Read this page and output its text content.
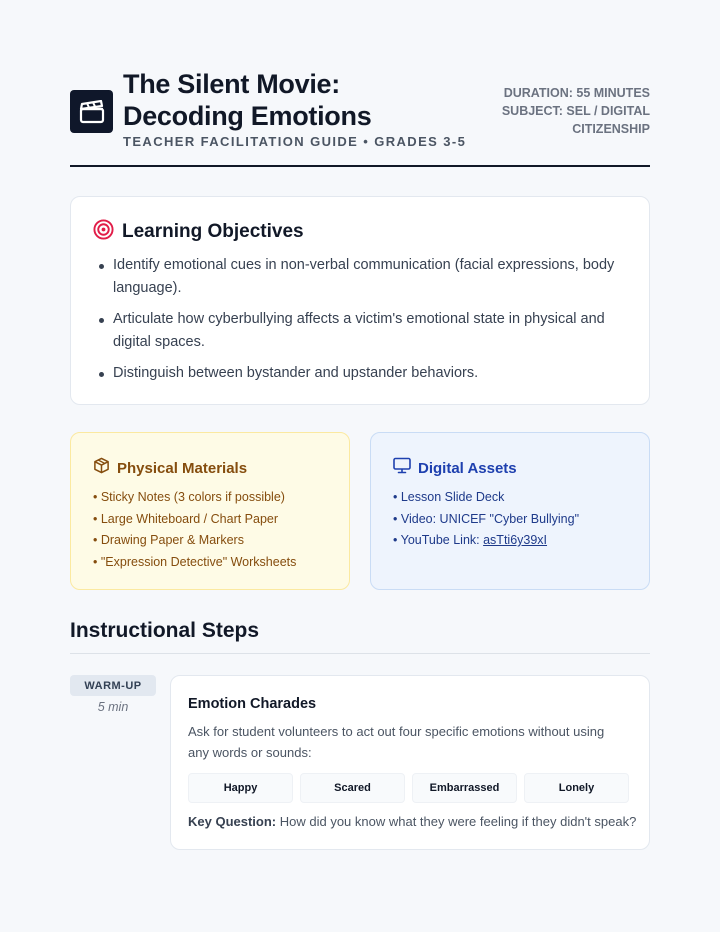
The Silent Movie: Decoding Emotions
TEACHER FACILITATION GUIDE • GRADES 3-5
DURATION: 55 MINUTES
SUBJECT: SEL / DIGITAL CITIZENSHIP
Learning Objectives
Identify emotional cues in non-verbal communication (facial expressions, body language).
Articulate how cyberbullying affects a victim's emotional state in physical and digital spaces.
Distinguish between bystander and upstander behaviors.
Physical Materials
• Sticky Notes (3 colors if possible)
• Large Whiteboard / Chart Paper
• Drawing Paper & Markers
• "Expression Detective" Worksheets
Digital Assets
• Lesson Slide Deck
• Video: UNICEF "Cyber Bullying"
• YouTube Link: asTti6y39xI
Instructional Steps
WARM-UP
5 min	Emotion Charades
Ask for student volunteers to act out four specific emotions without using any words or sounds:
Happy	Scared	Embarrassed	Lonely
Key Question: How did you know what they were feeling if they didn't speak?
